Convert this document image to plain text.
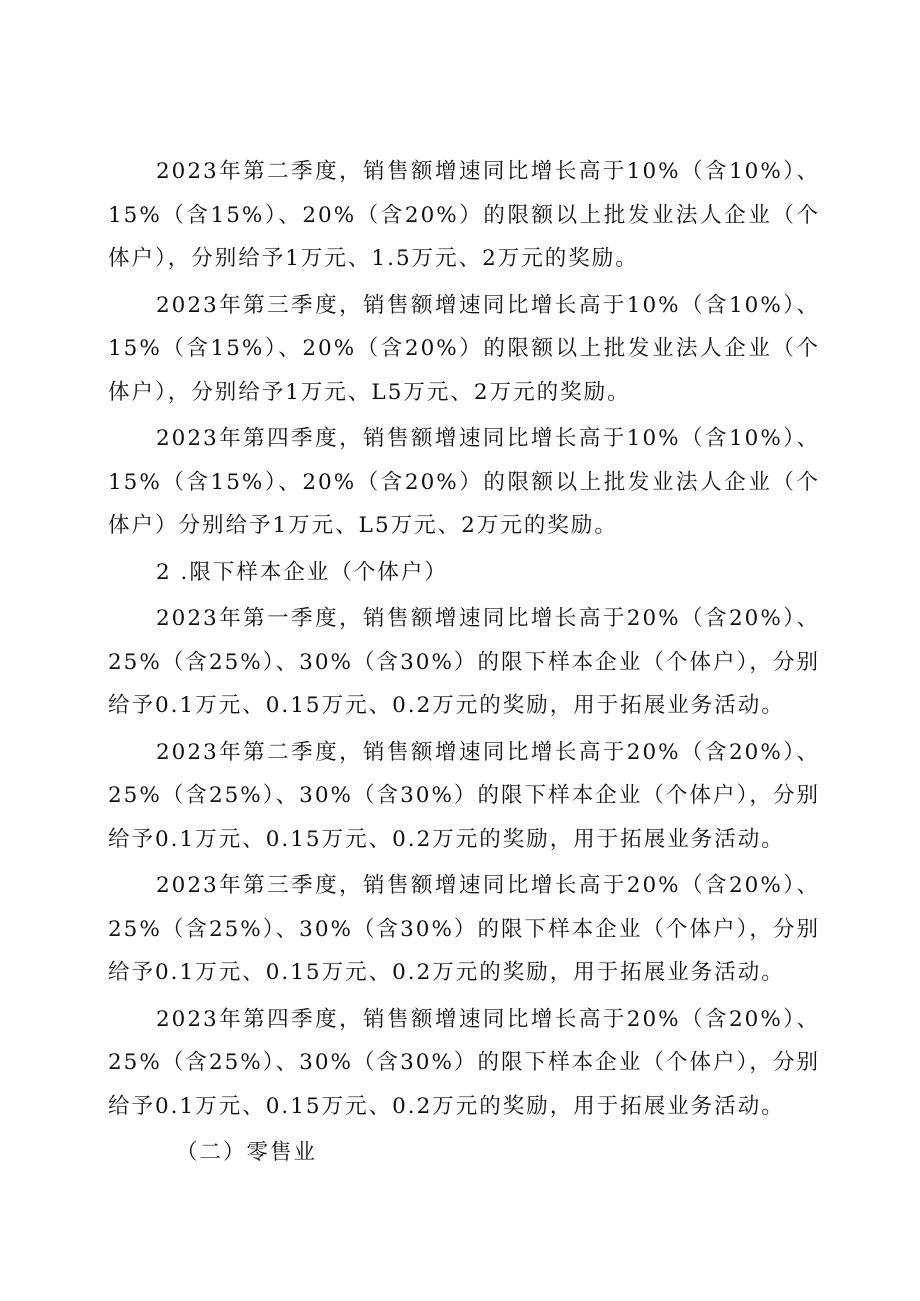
2023年第二季度，销售额增速同比增长高于10%（含10%）、15%（含15%）、20%（含20%）的限额以上批发业法人企业（个体户），分别给予1万元、1.5万元、2万元的奖励。

2023年第三季度，销售额增速同比增长高于10%（含10%）、15%（含15%）、20%（含20%）的限额以上批发业法人企业（个体户），分别给予1万元、L5万元、2万元的奖励。

2023年第四季度，销售额增速同比增长高于10%（含10%）、15%（含15%）、20%（含20%）的限额以上批发业法人企业（个体户）分别给予1万元、L5万元、2万元的奖励。

2 .限下样本企业（个体户）

2023年第一季度，销售额增速同比增长高于20%（含20%）、25%（含25%）、30%（含30%）的限下样本企业（个体户），分别给予0.1万元、0.15万元、0.2万元的奖励，用于拓展业务活动。

2023年第二季度，销售额增速同比增长高于20%（含20%）、25%（含25%）、30%（含30%）的限下样本企业（个体户），分别给予0.1万元、0.15万元、0.2万元的奖励，用于拓展业务活动。

2023年第三季度，销售额增速同比增长高于20%（含20%）、25%（含25%）、30%（含30%）的限下样本企业（个体户），分别给予0.1万元、0.15万元、0.2万元的奖励，用于拓展业务活动。

2023年第四季度，销售额增速同比增长高于20%（含20%）、25%（含25%）、30%（含30%）的限下样本企业（个体户），分别给予0.1万元、0.15万元、0.2万元的奖励，用于拓展业务活动。

（二）零售业
